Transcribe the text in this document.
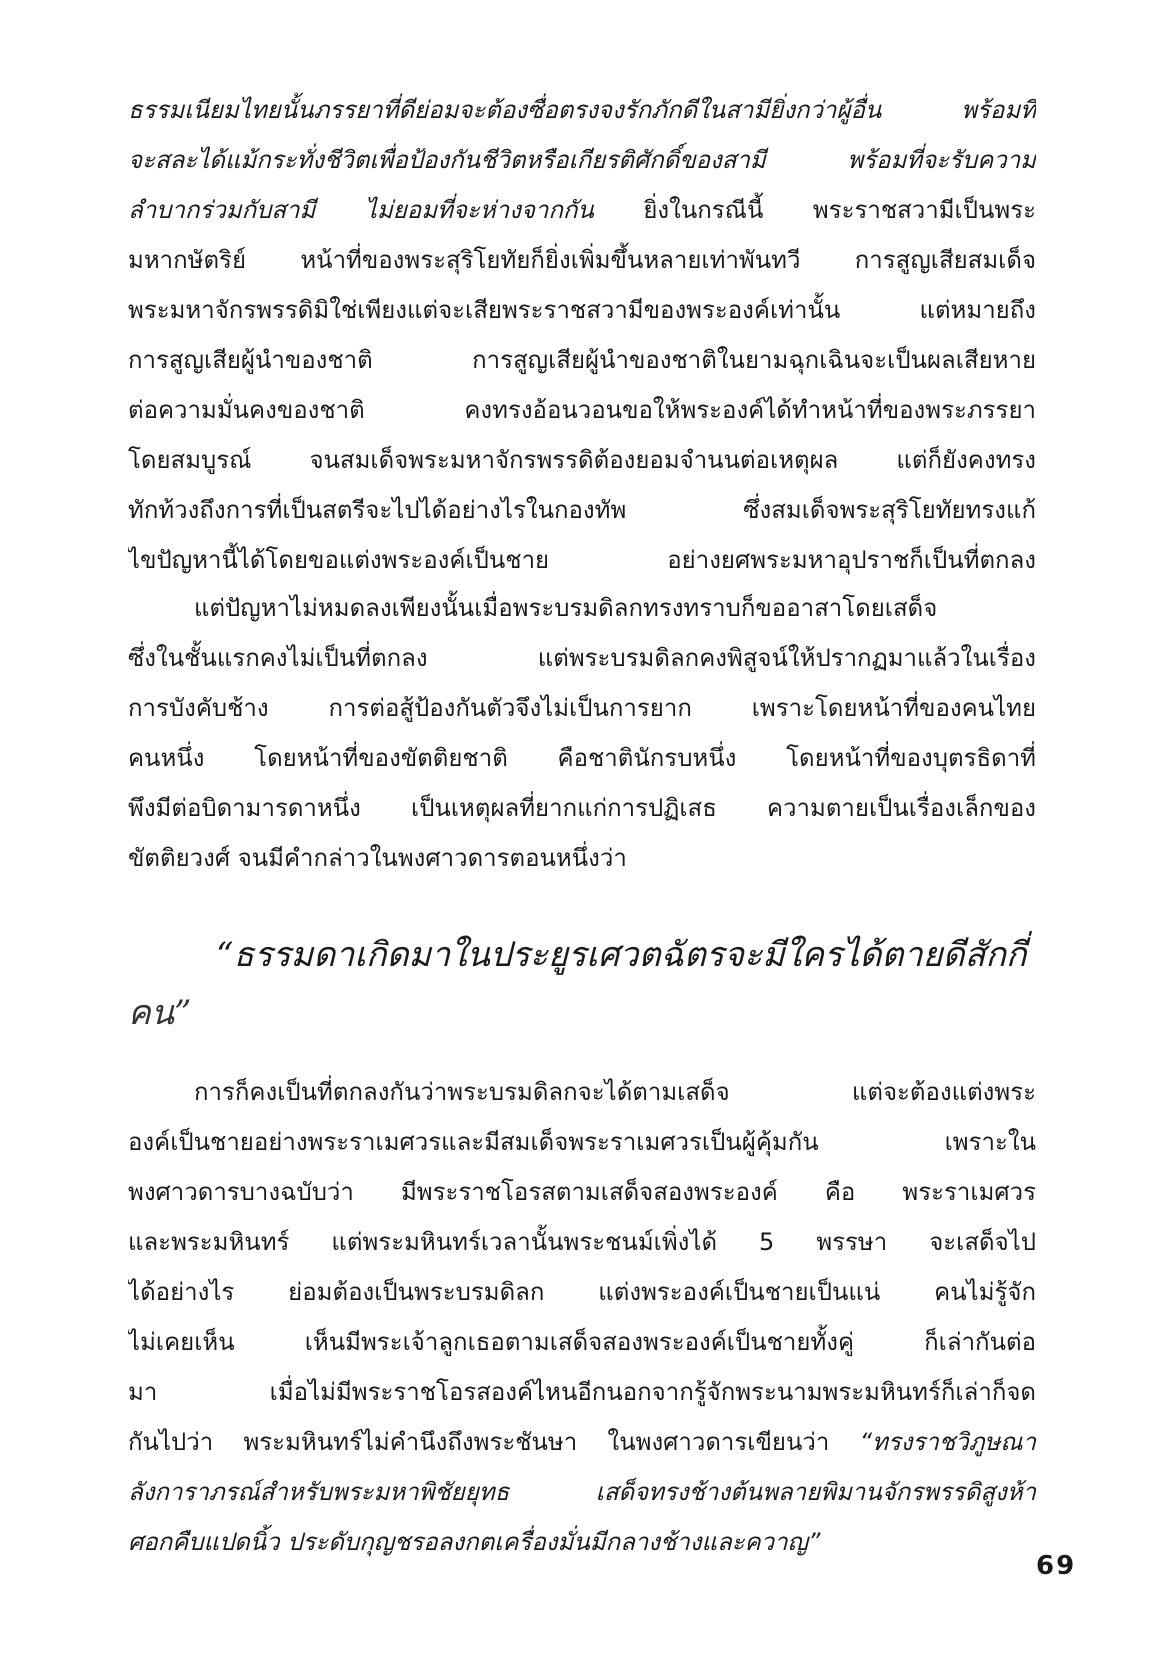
ธรรมเนียมไทยนั้นภรรยาที่ดีย่อมจะต้องซื่อตรงจงรักภักดีในสามียิ่งกว่าผู้อื่น พร้อมที่
จะสละได้แม้กระทั่งชีวิตเพื่อป้องกันชีวิตหรือเกียรติศักดิ์ของสามี พร้อมที่จะรับความ
ลำบากร่วมกับสามี ไม่ยอมที่จะห่างจากกัน ยิ่งในกรณีนี้ พระราชสวามีเป็นพระ
มหากษัตริย์ หน้าที่ของพระสุริโยทัยก็ยิ่งเพิ่มขึ้นหลายเท่าพันทวี การสูญเสียสมเด็จ
พระมหาจักรพรรดิมิใช่เพียงแต่จะเสียพระราชสวามีของพระองค์เท่านั้น แต่หมายถึง
การสูญเสียผู้นำของชาติ การสูญเสียผู้นำของชาติในยามฉุกเฉินจะเป็นผลเสียหาย
ต่อความมั่นคงของชาติ คงทรงอ้อนวอนขอให้พระองค์ได้ทำหน้าที่ของพระภรรยา
โดยสมบูรณ์ จนสมเด็จพระมหาจักรพรรดิต้องยอมจำนนต่อเหตุผล แต่ก็ยังคงทรง
ทักท้วงถึงการที่เป็นสตรีจะไปได้อย่างไรในกองทัพ ซึ่งสมเด็จพระสุริโยทัยทรงแก้
ไขปัญหานี้ได้โดยขอแต่งพระองค์เป็นชาย อย่างยศพระมหาอุปราชก็เป็นที่ตกลง
แต่ปัญหาไม่หมดลงเพียงนั้นเมื่อพระบรมดิลกทรงทราบก็ขออาสาโดยเสด็จ
ซึ่งในชั้นแรกคงไม่เป็นที่ตกลง แต่พระบรมดิลกคงพิสูจน์ให้ปรากฏมาแล้วในเรื่อง
การบังคับช้าง การต่อสู้ป้องกันตัวจึงไม่เป็นการยาก เพราะโดยหน้าที่ของคนไทย
คนหนึ่ง โดยหน้าที่ของขัตติยชาติ คือชาตินักรบหนึ่ง โดยหน้าที่ของบุตรธิดาที่
พึงมีต่อบิดามารดาหนึ่ง เป็นเหตุผลที่ยากแก่การปฏิเสธ ความตายเป็นเรื่องเล็กของ
ขัตติยวงศ์ จนมีคำกล่าวในพงศาวดารตอนหนึ่งว่า
“ธรรมดาเกิดมาในประยูรเศวตฉัตรจะมีใครได้ตายดีสักกี่
คน”
การก็คงเป็นที่ตกลงกันว่าพระบรมดิลกจะได้ตามเสด็จ แต่จะต้องแต่งพระ
องค์เป็นชายอย่างพระราเมศวรและมีสมเด็จพระราเมศวรเป็นผู้คุ้มกัน เพราะใน
พงศาวดารบางฉบับว่า มีพระราชโอรสตามเสด็จสองพระองค์ คือ พระราเมศวร
และพระมหินทร์ แต่พระมหินทร์เวลานั้นพระชนม์เพิ่งได้ 5 พรรษา จะเสด็จไป
ได้อย่างไร ย่อมต้องเป็นพระบรมดิลก แต่งพระองค์เป็นชายเป็นแน่ คนไม่รู้จัก
ไม่เคยเห็น เห็นมีพระเจ้าลูกเธอตามเสด็จสองพระองค์เป็นชายทั้งคู่ ก็เล่ากันต่อ
มา เมื่อไม่มีพระราชโอรสองค์ไหนอีกนอกจากรู้จักพระนามพระมหินทร์ก็เล่าก็จด
กันไปว่า พระมหินทร์ไม่คำนึงถึงพระชันษา ในพงศาวดารเขียนว่า “ทรงราชวิภูษณา
ลังการาภรณ์สำหรับพระมหาพิชัยยุทธ เสด็จทรงช้างต้นพลายพิมานจักรพรรดิสูงห้า
ศอกคืบแปดนิ้ว ประดับกุญชรอลงกตเครื่องมั่นมีกลางช้างและควาญ”
69
